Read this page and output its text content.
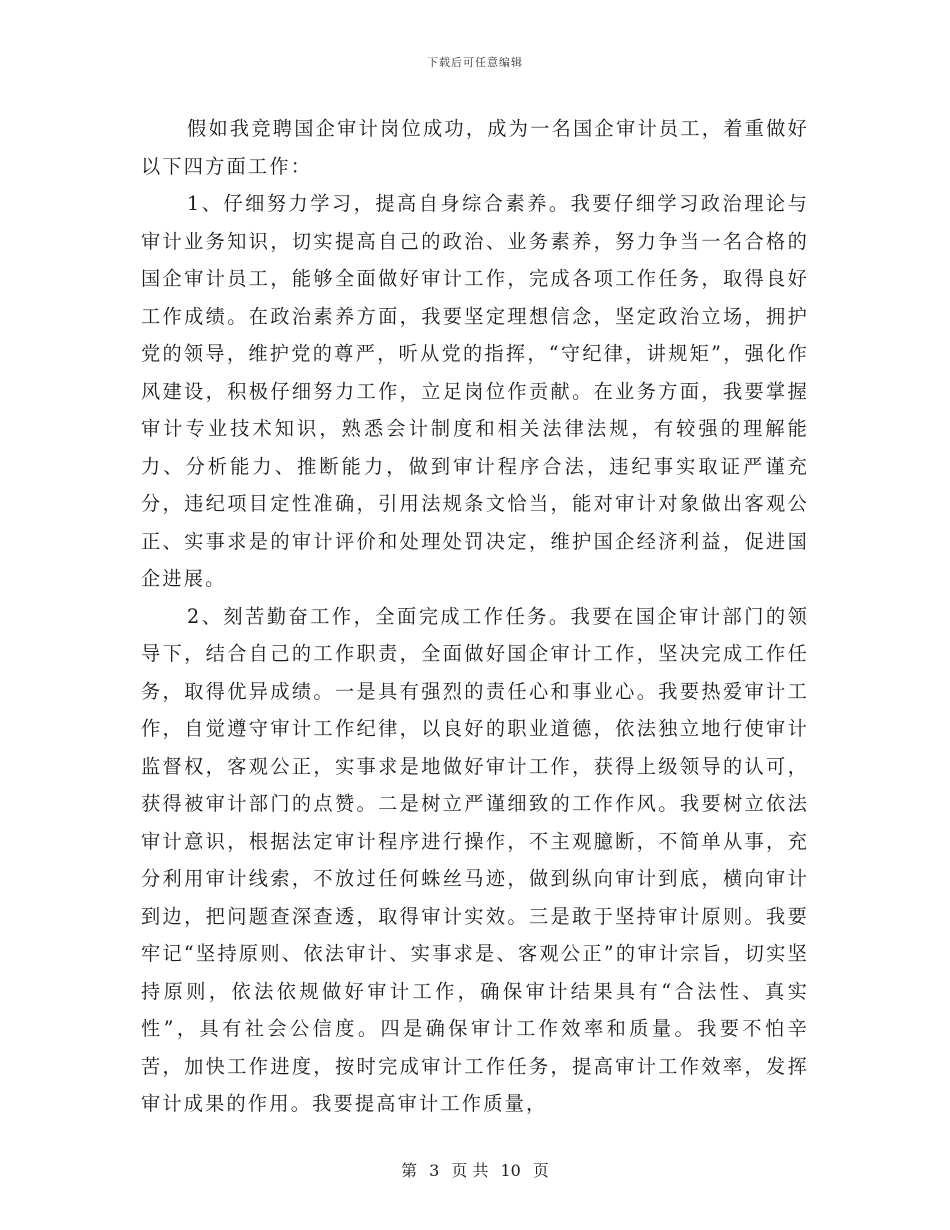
下载后可任意编辑

假如我竞聘国企审计岗位成功，成为一名国企审计员工，着重做好以下四方面工作：

1、仔细努力学习，提高自身综合素养。我要仔细学习政治理论与审计业务知识，切实提高自己的政治、业务素养，努力争当一名合格的国企审计员工，能够全面做好审计工作，完成各项工作任务，取得良好工作成绩。在政治素养方面，我要坚定理想信念，坚定政治立场，拥护党的领导，维护党的尊严，听从党的指挥，“守纪律，讲规矩”，强化作风建设，积极仔细努力工作，立足岗位作贡献。在业务方面，我要掌握审计专业技术知识，熟悉会计制度和相关法律法规，有较强的理解能力、分析能力、推断能力，做到审计程序合法，违纪事实取证严谨充分，违纪项目定性准确，引用法规条文恰当，能对审计对象做出客观公正、实事求是的审计评价和处理处罚决定，维护国企经济利益，促进国企进展。

2、刻苦勤奋工作，全面完成工作任务。我要在国企审计部门的领导下，结合自己的工作职责，全面做好国企审计工作，坚决完成工作任务，取得优异成绩。一是具有强烈的责任心和事业心。我要热爱审计工作，自觉遵守审计工作纪律，以良好的职业道德，依法独立地行使审计监督权，客观公正，实事求是地做好审计工作，获得上级领导的认可，获得被审计部门的点赞。二是树立严谨细致的工作作风。我要树立依法审计意识，根据法定审计程序进行操作，不主观臆断，不简单从事，充分利用审计线索，不放过任何蛛丝马迹，做到纵向审计到底，横向审计到边，把问题查深查透，取得审计实效。三是敢于坚持审计原则。我要牢记“坚持原则、依法审计、实事求是、客观公正”的审计宗旨，切实坚持原则，依法依规做好审计工作，确保审计结果具有“合法性、真实性”，具有社会公信度。四是确保审计工作效率和质量。我要不怕辛苦，加快工作进度，按时完成审计工作任务，提高审计工作效率，发挥审计成果的作用。我要提高审计工作质量，

第 3 页 共 10 页
